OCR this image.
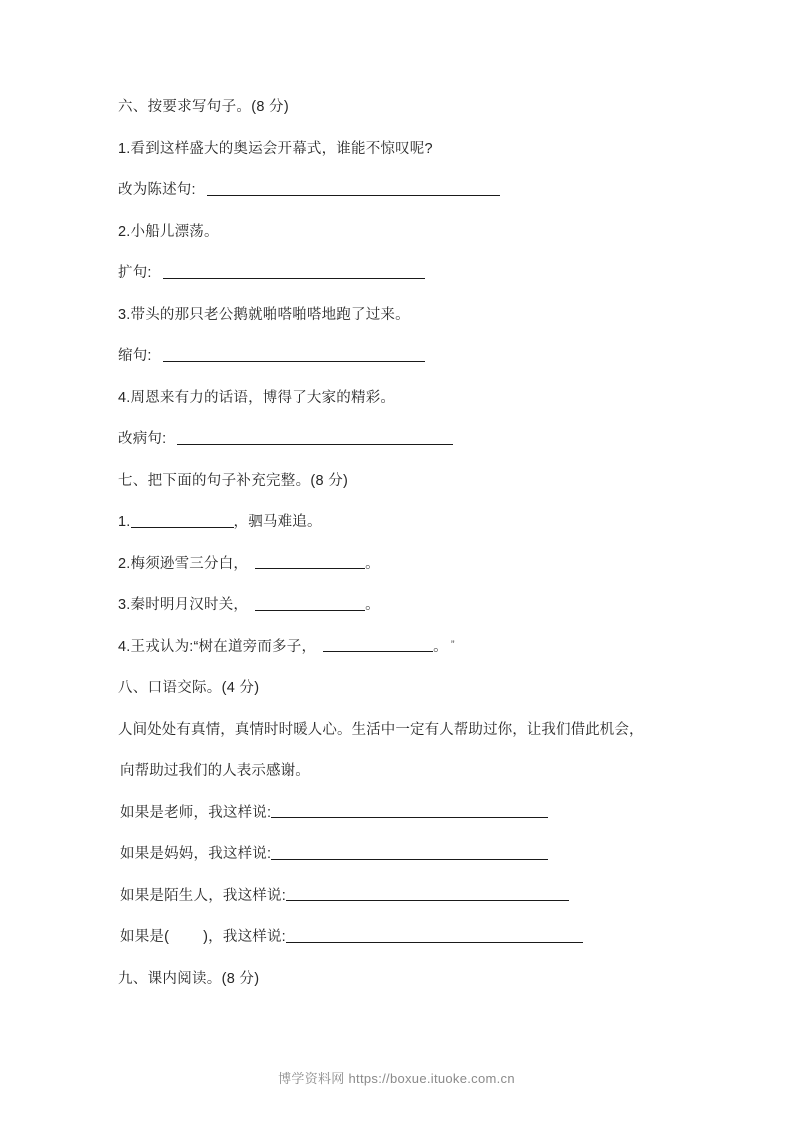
六、按要求写句子。(8 分)
1. 看到这样盛大的奥运会开幕式，谁能不惊叹呢?
改为陈述句:
2. 小船儿漂荡。
扩句:
3. 带头的那只老公鹅就啪嗒啪嗒地跑了过来。
缩句:
4. 周恩来有力的话语，博得了大家的精彩。
改病句:
七、把下面的句子补充完整。(8 分)
1.	，驷马难追。
2. 梅须逊雪三分白，	。
3. 秦时明月汉时关，	。
4. 王戎认为:“树在道旁而多子，	。 ”
八、口语交际。(4 分)
人间处处有真情，真情时时暖人心。生活中一定有人帮助过你，让我们借此机会，
向帮助过我们的人表示感谢。
如果是老师，我这样说:
如果是妈妈，我这样说:
如果是陌生人，我这样说:
如果是( )，我这样说:
九、课内阅读。(8 分)
博学资料网 https://boxue.ituoke.com.cn
